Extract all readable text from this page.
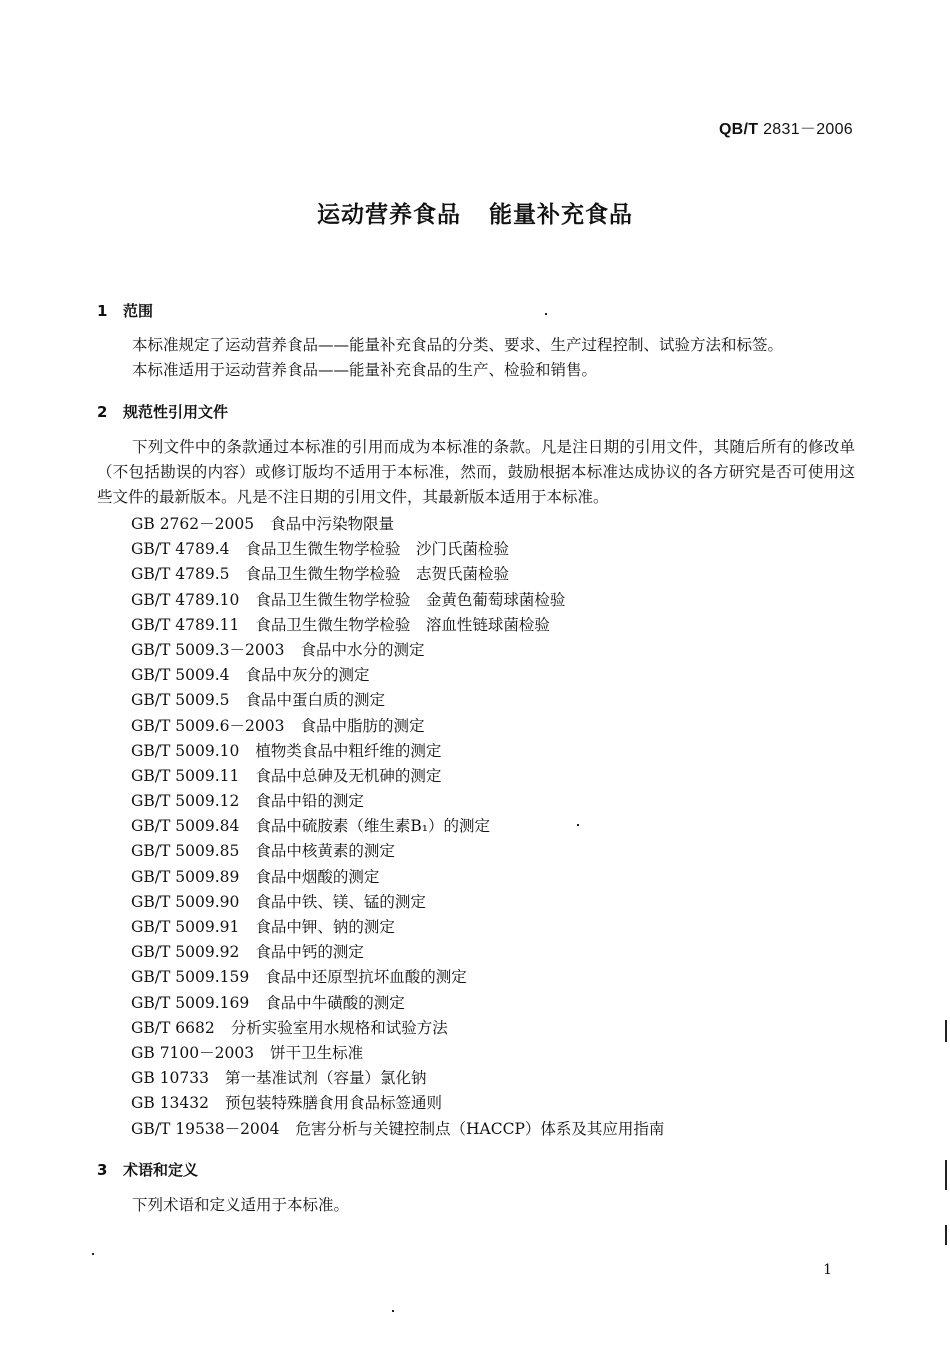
QB/T 2831－2006
运动营养食品 能量补充食品
1 范围
本标准规定了运动营养食品——能量补充食品的分类、要求、生产过程控制、试验方法和标签。
本标准适用于运动营养食品——能量补充食品的生产、检验和销售。
2 规范性引用文件
下列文件中的条款通过本标准的引用而成为本标准的条款。凡是注日期的引用文件，其随后所有的修改单（不包括勘误的内容）或修订版均不适用于本标准，然而，鼓励根据本标准达成协议的各方研究是否可使用这些文件的最新版本。凡是不注日期的引用文件，其最新版本适用于本标准。
GB 2762－2005 食品中污染物限量
GB/T 4789.4 食品卫生微生物学检验　沙门氏菌检验
GB/T 4789.5 食品卫生微生物学检验　志贺氏菌检验
GB/T 4789.10 食品卫生微生物学检验　金黄色葡萄球菌检验
GB/T 4789.11 食品卫生微生物学检验　溶血性链球菌检验
GB/T 5009.3－2003 食品中水分的测定
GB/T 5009.4 食品中灰分的测定
GB/T 5009.5 食品中蛋白质的测定
GB/T 5009.6－2003 食品中脂肪的测定
GB/T 5009.10 植物类食品中粗纤维的测定
GB/T 5009.11 食品中总砷及无机砷的测定
GB/T 5009.12 食品中铅的测定
GB/T 5009.84 食品中硫胺素（维生素B₁）的测定
GB/T 5009.85 食品中核黄素的测定
GB/T 5009.89 食品中烟酸的测定
GB/T 5009.90 食品中铁、镁、锰的测定
GB/T 5009.91 食品中钾、钠的测定
GB/T 5009.92 食品中钙的测定
GB/T 5009.159 食品中还原型抗坏血酸的测定
GB/T 5009.169 食品中牛磺酸的测定
GB/T 6682 分析实验室用水规格和试验方法
GB 7100－2003 饼干卫生标准
GB 10733 第一基准试剂（容量）氯化钠
GB 13432 预包装特殊膳食用食品标签通则
GB/T 19538－2004 危害分析与关键控制点（HACCP）体系及其应用指南
3 术语和定义
下列术语和定义适用于本标准。
1
